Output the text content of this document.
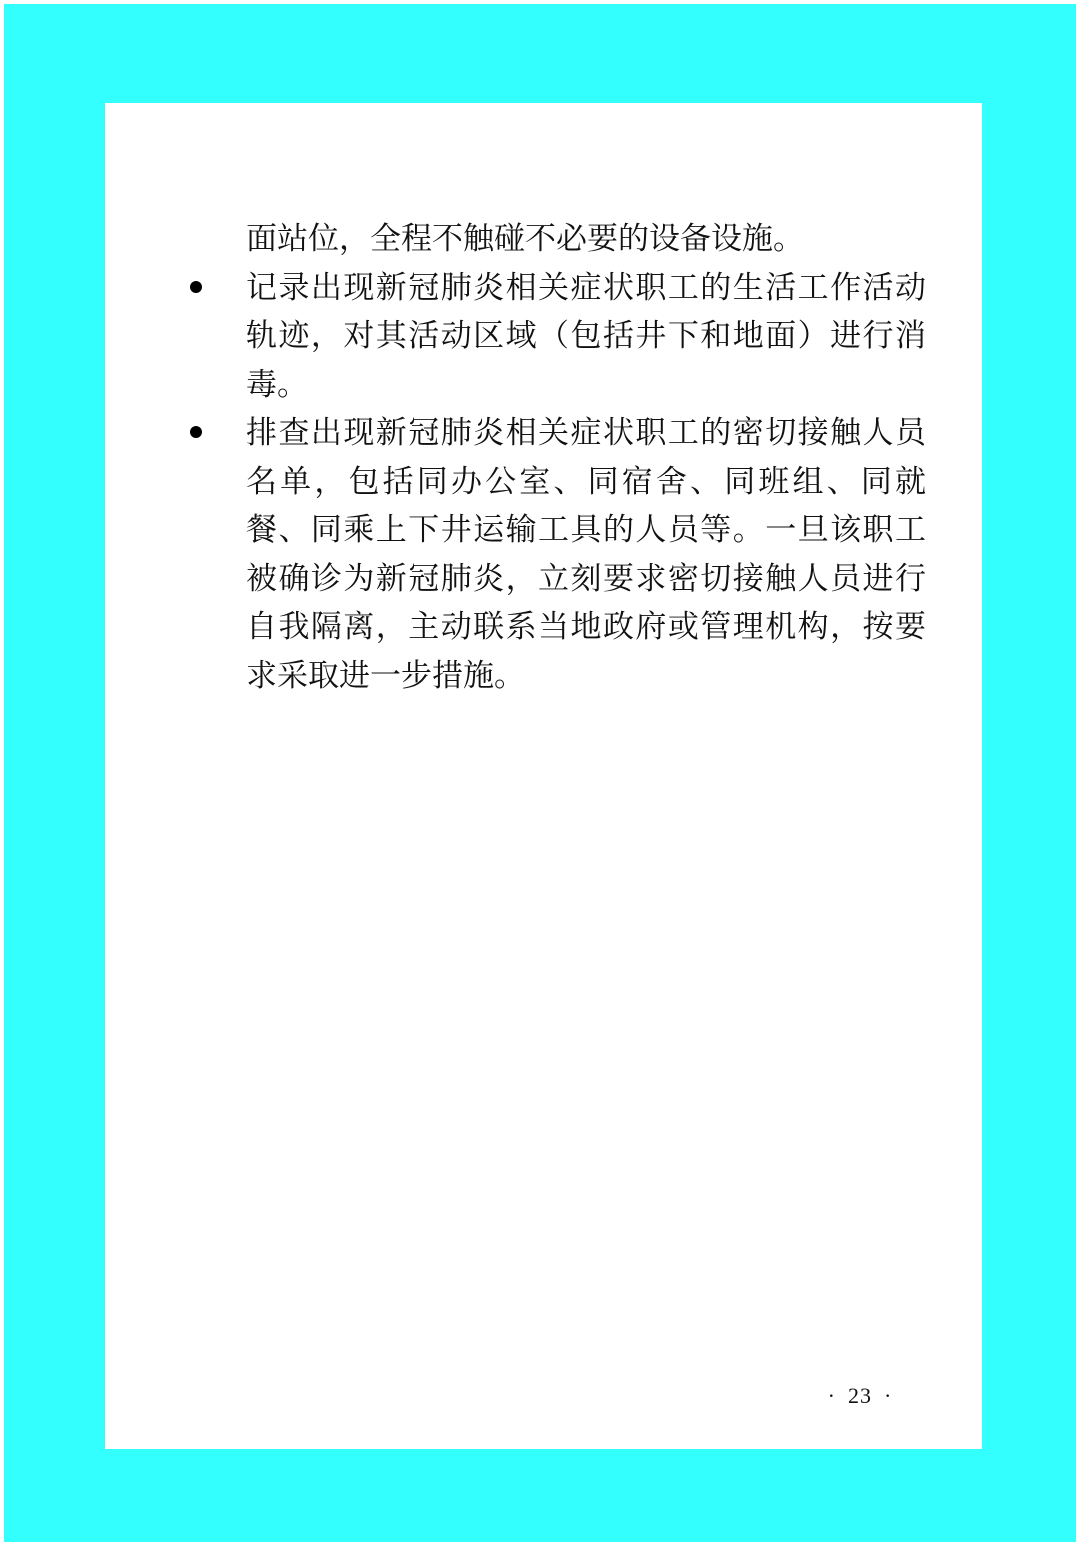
面站位，全程不触碰不必要的设备设施。

记录出现新冠肺炎相关症状职工的生活工作活动轨迹，对其活动区域（包括井下和地面）进行消毒。

排查出现新冠肺炎相关症状职工的密切接触人员名单，包括同办公室、同宿舍、同班组、同就餐、同乘上下井运输工具的人员等。一旦该职工被确诊为新冠肺炎，立刻要求密切接触人员进行自我隔离，主动联系当地政府或管理机构，按要求采取进一步措施。

· 23 ·
